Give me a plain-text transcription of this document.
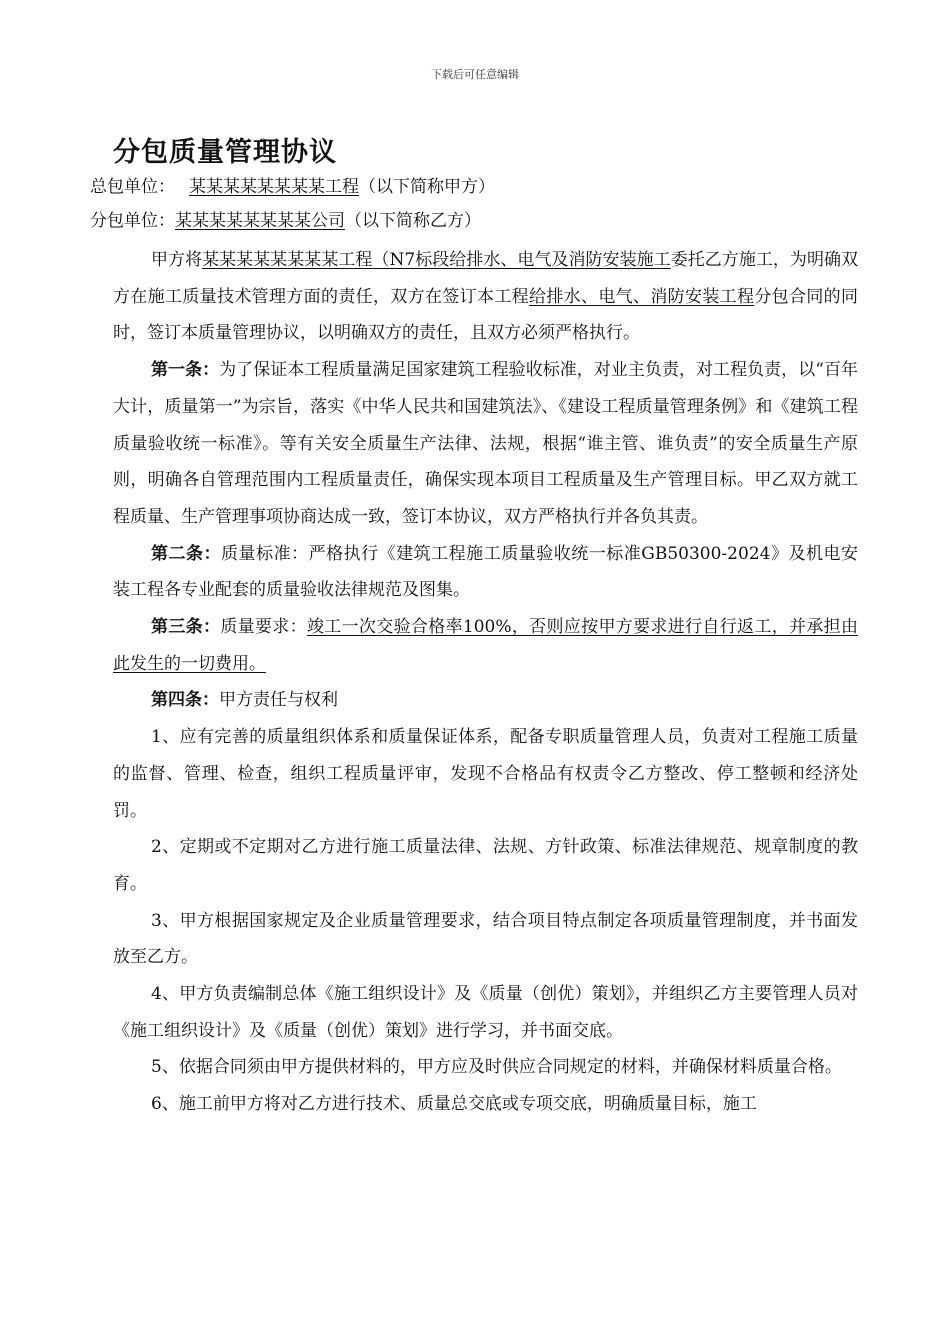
下载后可任意编辑
分包质量管理协议
总包单位： 某某某某某某某某工程（以下简称甲方）
分包单位：某某某某某某某某公司（以下简称乙方）

甲方将某某某某某某某某工程（N7标段给排水、电气及消防安装施工委托乙方施工，为明确双方在施工质量技术管理方面的责任，双方在签订本工程给排水、电气、消防安装工程分包合同的同时，签订本质量管理协议，以明确双方的责任，且双方必须严格执行。

第一条：为了保证本工程质量满足国家建筑工程验收标准，对业主负责，对工程负责，以“百年大计，质量第一”为宗旨，落实《中华人民共和国建筑法》、《建设工程质量管理条例》和《建筑工程质量验收统一标准》。等有关安全质量生产法律、法规，根据“谁主管、谁负责”的安全质量生产原则，明确各自管理范围内工程质量责任，确保实现本项目工程质量及生产管理目标。甲乙双方就工程质量、生产管理事项协商达成一致，签订本协议，双方严格执行并各负其责。

第二条：质量标准：严格执行《建筑工程施工质量验收统一标准GB50300-2024》及机电安装工程各专业配套的质量验收法律规范及图集。

第三条：质量要求：竣工一次交验合格率100%，否则应按甲方要求进行自行返工，并承担由此发生的一切费用。

第四条：甲方责任与权利

1、应有完善的质量组织体系和质量保证体系，配备专职质量管理人员，负责对工程施工质量的监督、管理、检查，组织工程质量评审，发现不合格品有权责令乙方整改、停工整顿和经济处罚。

2、定期或不定期对乙方进行施工质量法律、法规、方针政策、标准法律规范、规章制度的教育。

3、甲方根据国家规定及企业质量管理要求，结合项目特点制定各项质量管理制度，并书面发放至乙方。

4、甲方负责编制总体《施工组织设计》及《质量（创优）策划》，并组织乙方主要管理人员对《施工组织设计》及《质量（创优）策划》进行学习，并书面交底。

5、依据合同须由甲方提供材料的，甲方应及时供应合同规定的材料，并确保材料质量合格。

6、施工前甲方将对乙方进行技术、质量总交底或专项交底，明确质量目标，施工
